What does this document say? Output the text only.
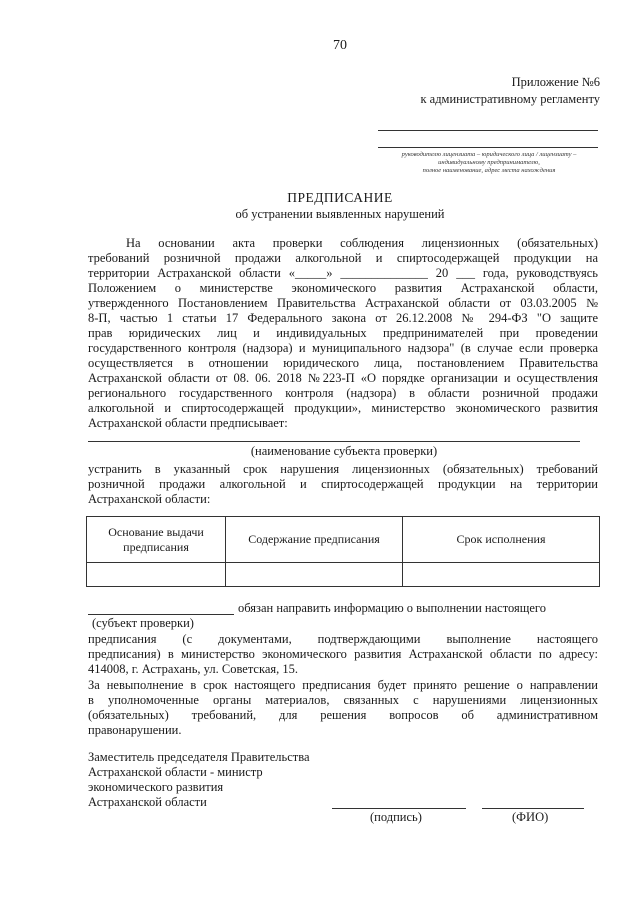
70
Приложение №6
к административному регламенту
руководителю лицензиата – юридического лица / лицензиату –
индивидуальному предпринимателю,
полное наименование, адрес места нахождения
ПРЕДПИСАНИЕ
об устранении выявленных нарушений
На основании акта проверки соблюдения лицензионных (обязательных)
требований розничной продажи алкогольной и спиртосодержащей продукции на
территории Астраханской области «_____» ______________ 20 ___ года, руководствуясь
Положением о министерстве экономического развития Астраханской области,
утвержденного Постановлением Правительства Астраханской области от 03.03.2005 №
8-П, частью 1 статьи 17 Федерального закона от 26.12.2008 № 294-ФЗ "О защите
прав юридических лиц и индивидуальных предпринимателей при проведении
государственного контроля (надзора) и муниципального надзора" (в случае если проверка
осуществляется в отношении юридического лица, постановлением Правительства
Астраханской области от 08. 06. 2018 №223-П «О порядке организации и осуществления
регионального государственного контроля (надзора) в области розничной продажи
алкогольной и спиртосодержащей продукции», министерство экономического развития
Астраханской области предписывает:
(наименование субъекта проверки)
устранить в указанный срок нарушения лицензионных (обязательных) требований
розничной продажи алкогольной и спиртосодержащей продукции на территории
Астраханской области:
Основание выдачи предписания	Содержание предписания	Срок исполнения

обязан направить информацию о выполнении настоящего
(субъект проверки)
предписания (с документами, подтверждающими выполнение настоящего
предписания) в министерство экономического развития Астраханской области по адресу:
414008, г. Астрахань, ул. Советская, 15.
За невыполнение в срок настоящего предписания будет принято решение о направлении
в уполномоченные органы материалов, связанных с нарушениями лицензионных
(обязательных) требований, для решения вопросов об административном
правонарушении.
Заместитель председателя Правительства
Астраханской области - министр
экономического развития
Астраханской области
(подпись)	(ФИО)
